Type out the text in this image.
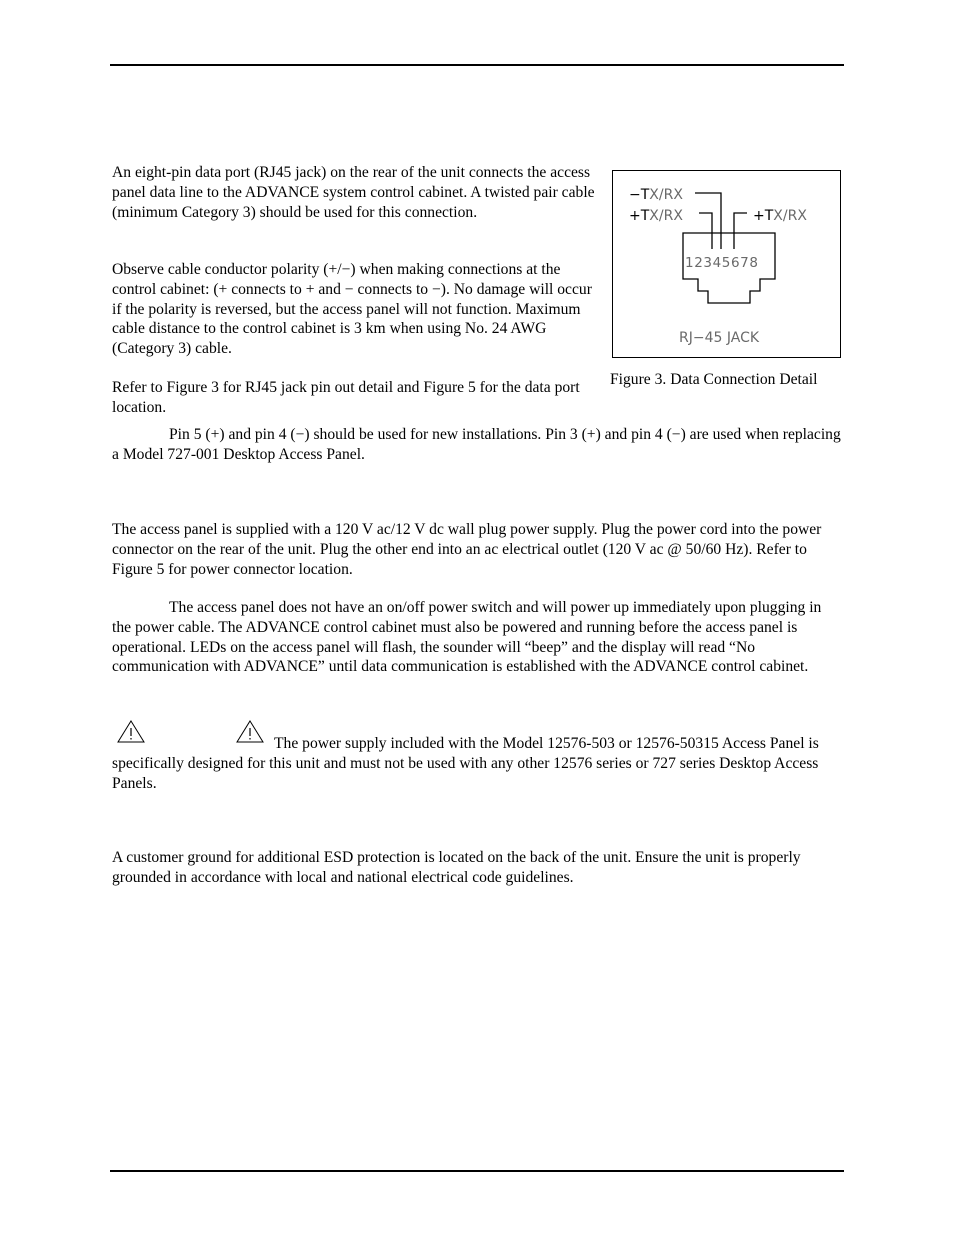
An eight-pin data port (RJ45 jack) on the rear of the unit connects the access panel data line to the ADVANCE system control cabinet. A twisted pair cable (minimum Category 3) should be used for this connection.

Observe cable conductor polarity (+/−) when making connections at the control cabinet: (+ connects to + and − connects to −). No damage will occur if the polarity is reversed, but the access panel will not function. Maximum cable distance to the control cabinet is 3 km when using No. 24 AWG (Category 3) cable.

Refer to Figure 3 for RJ45 jack pin out detail and Figure 5 for the data port location.

−TX/RX
+TX/RX	+TX/RX
12345678
RJ−45 JACK
Figure 3. Data Connection Detail

Pin 5 (+) and pin 4 (−) should be used for new installations. Pin 3 (+) and pin 4 (−) are used when replacing a Model 727-001 Desktop Access Panel.

The access panel is supplied with a 120 V ac/12 V dc wall plug power supply. Plug the power cord into the power connector on the rear of the unit. Plug the other end into an ac electrical outlet (120 V ac @ 50/60 Hz). Refer to Figure 5 for power connector location.

The access panel does not have an on/off power switch and will power up immediately upon plugging in the power cable. The ADVANCE control cabinet must also be powered and running before the access panel is operational. LEDs on the access panel will flash, the sounder will “beep” and the display will read “No communication with ADVANCE” until data communication is established with the ADVANCE control cabinet.

The power supply included with the Model 12576-503 or 12576-50315 Access Panel is specifically designed for this unit and must not be used with any other 12576 series or 727 series Desktop Access Panels.

A customer ground for additional ESD protection is located on the back of the unit. Ensure the unit is properly grounded in accordance with local and national electrical code guidelines.
